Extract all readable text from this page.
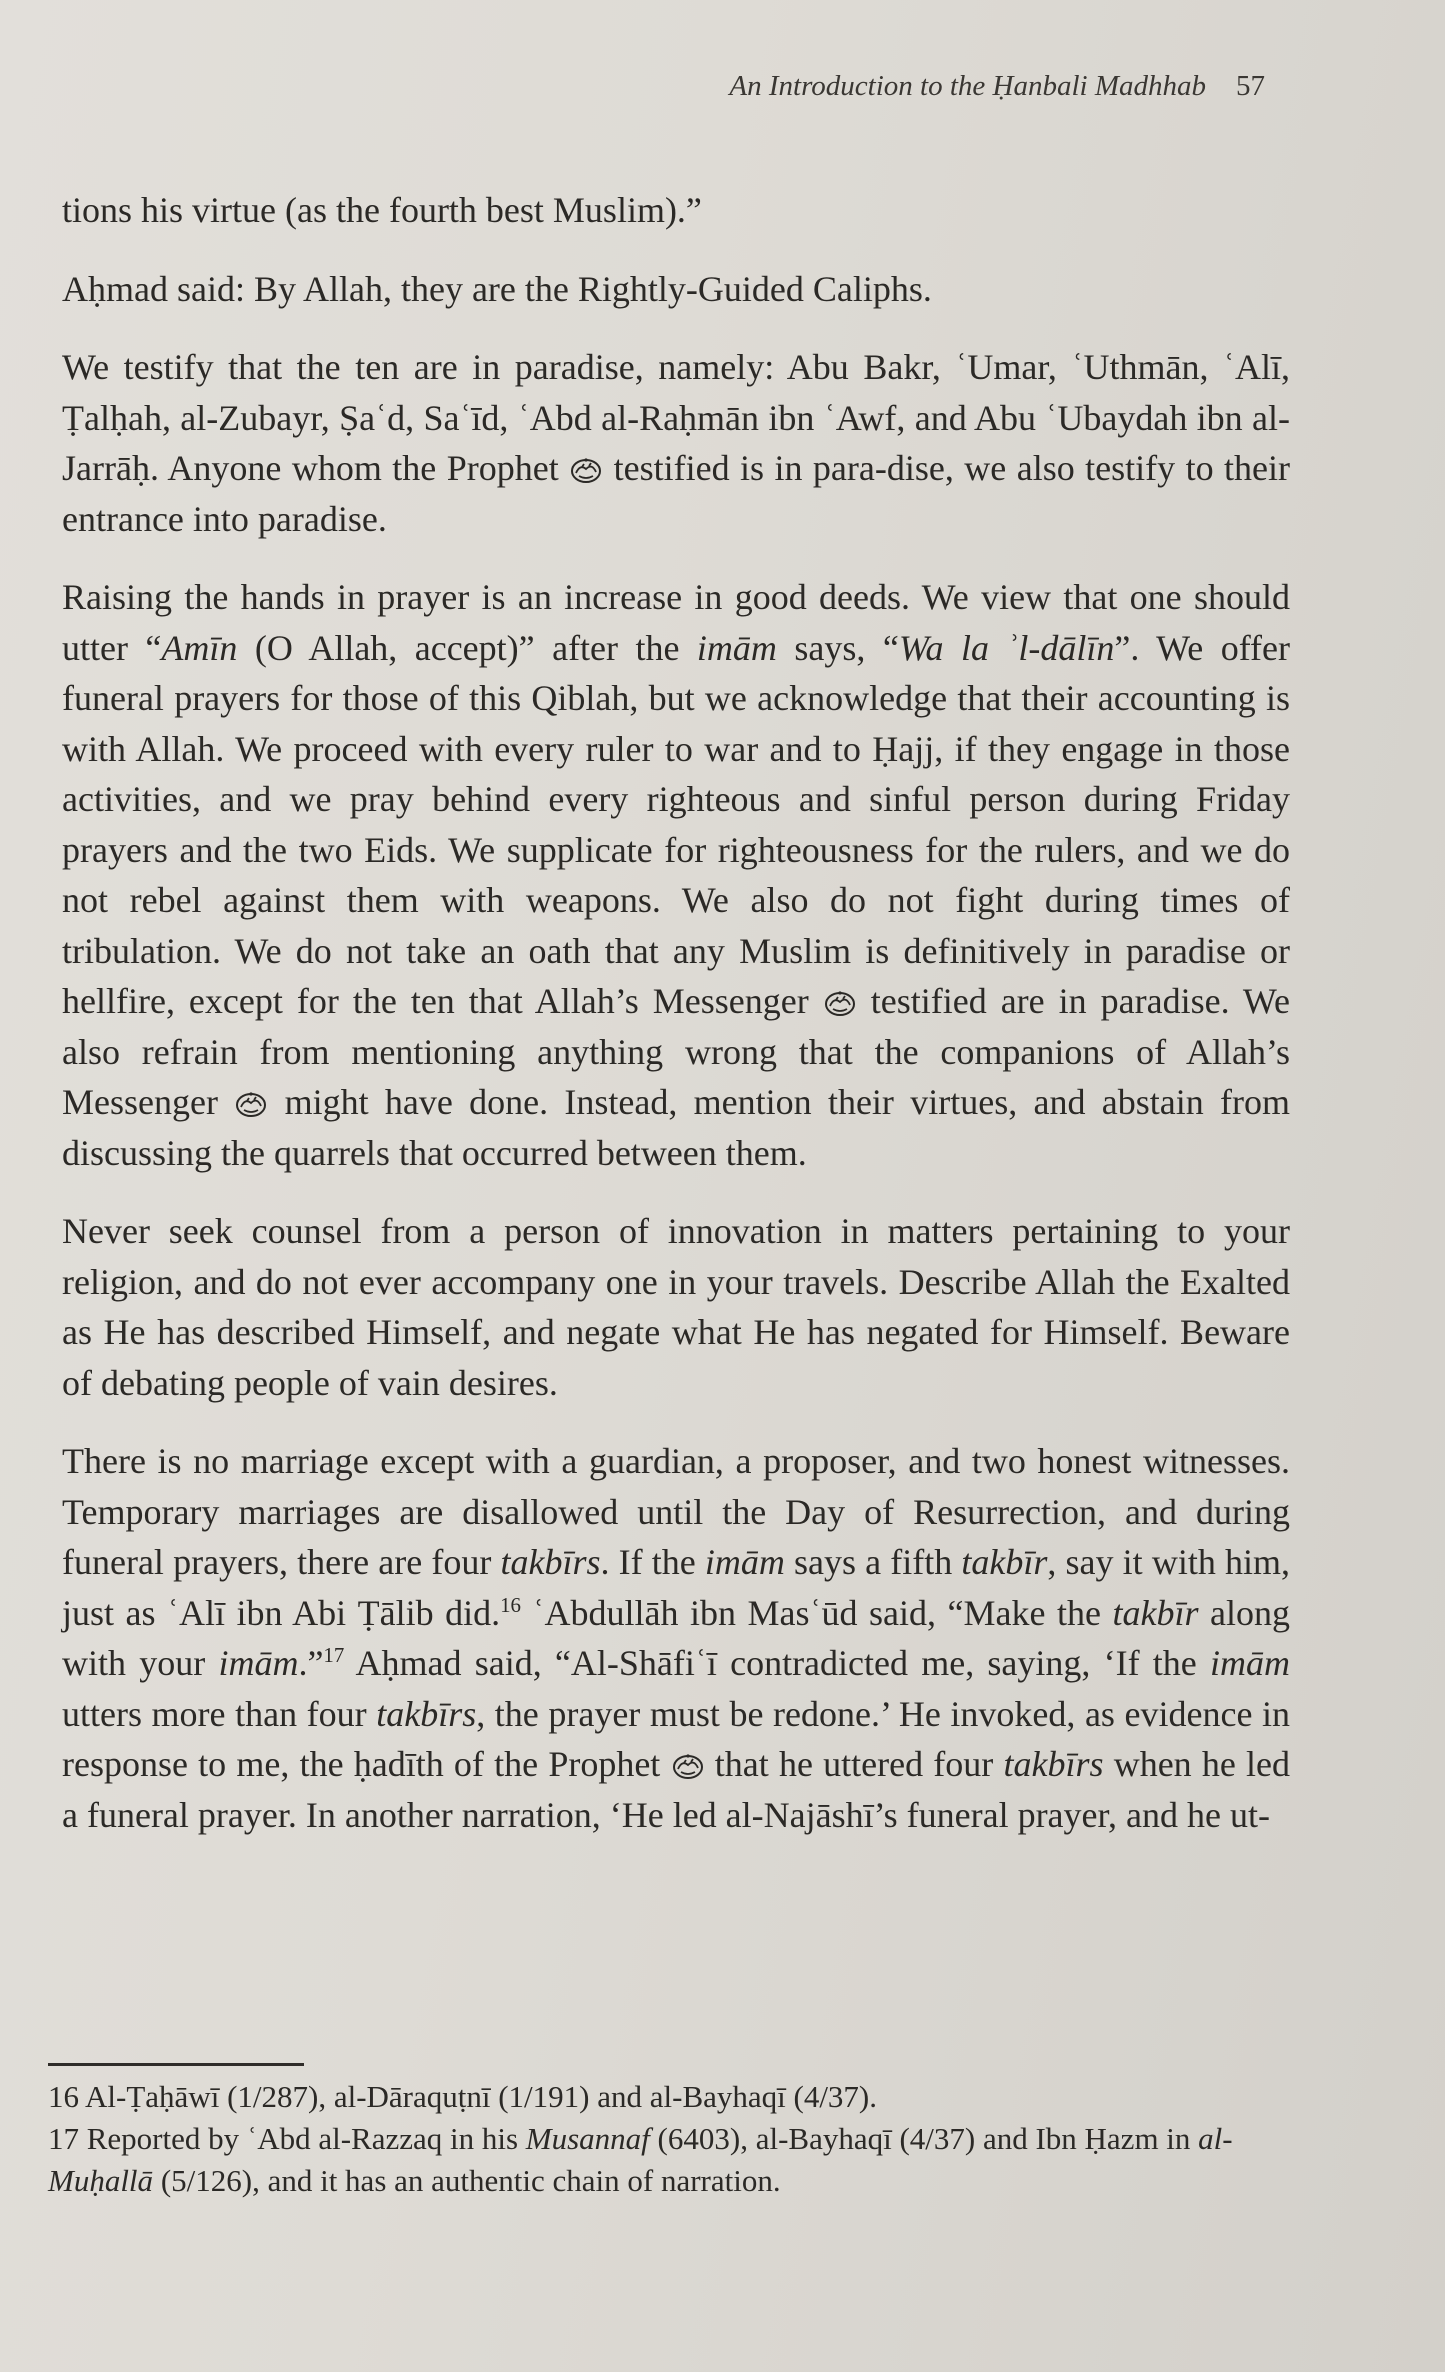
An Introduction to the Ḥanbali Madhhab 57

tions his virtue (as the fourth best Muslim).”

Aḥmad said: By Allah, they are the Rightly-Guided Caliphs.

We testify that the ten are in paradise, namely: Abu Bakr, ʿUmar, ʿUthmān, ʿAlī, Ṭalḥah, al-Zubayr, Ṣaʿd, Saʿīd, ʿAbd al-Raḥmān ibn ʿAwf, and Abu ʿUbaydah ibn al-Jarrāḥ. Anyone whom the Prophet testified is in para-dise, we also testify to their entrance into paradise.

Raising the hands in prayer is an increase in good deeds. We view that one should utter “Amīn (O Allah, accept)” after the imām says, “Wa la ʾl-dālīn”. We offer funeral prayers for those of this Qiblah, but we acknowledge that their accounting is with Allah. We proceed with every ruler to war and to Ḥajj, if they engage in those activities, and we pray behind every righteous and sinful person during Friday prayers and the two Eids. We supplicate for righteousness for the rulers, and we do not rebel against them with weapons. We also do not fight during times of tribulation. We do not take an oath that any Muslim is definitively in paradise or hellfire, except for the ten that Allah’s Messenger testified are in paradise. We also refrain from mentioning anything wrong that the companions of Allah’s Messenger might have done. Instead, mention their virtues, and abstain from discussing the quarrels that occurred between them.

Never seek counsel from a person of innovation in matters pertaining to your religion, and do not ever accompany one in your travels. Describe Allah the Exalted as He has described Himself, and negate what He has negated for Himself. Beware of debating people of vain desires.

There is no marriage except with a guardian, a proposer, and two honest witnesses. Temporary marriages are disallowed until the Day of Resurrection, and during funeral prayers, there are four takbīrs. If the imām says a fifth takbīr, say it with him, just as ʿAlī ibn Abi Ṭālib did.$^{16}$ ʿAbdullāh ibn Masʿūd said, “Make the takbīr along with your imām.”$^{17}$ Aḥmad said, “Al-Shāfiʿī contradicted me, saying, ‘If the imām utters more than four takbīrs, the prayer must be redone.’ He invoked, as evidence in response to me, the ḥadīth of the Prophet that he uttered four takbīrs when he led a funeral prayer. In another narration, ‘He led al-Najāshī’s funeral prayer, and he ut-

16 Al-Ṭaḥāwī (1/287), al-Dāraquṭnī (1/191) and al-Bayhaqī (4/37).

17 Reported by ʿAbd al-Razzaq in his Musannaf (6403), al-Bayhaqī (4/37) and Ibn Ḥazm in al-Muḥallā (5/126), and it has an authentic chain of narration.
